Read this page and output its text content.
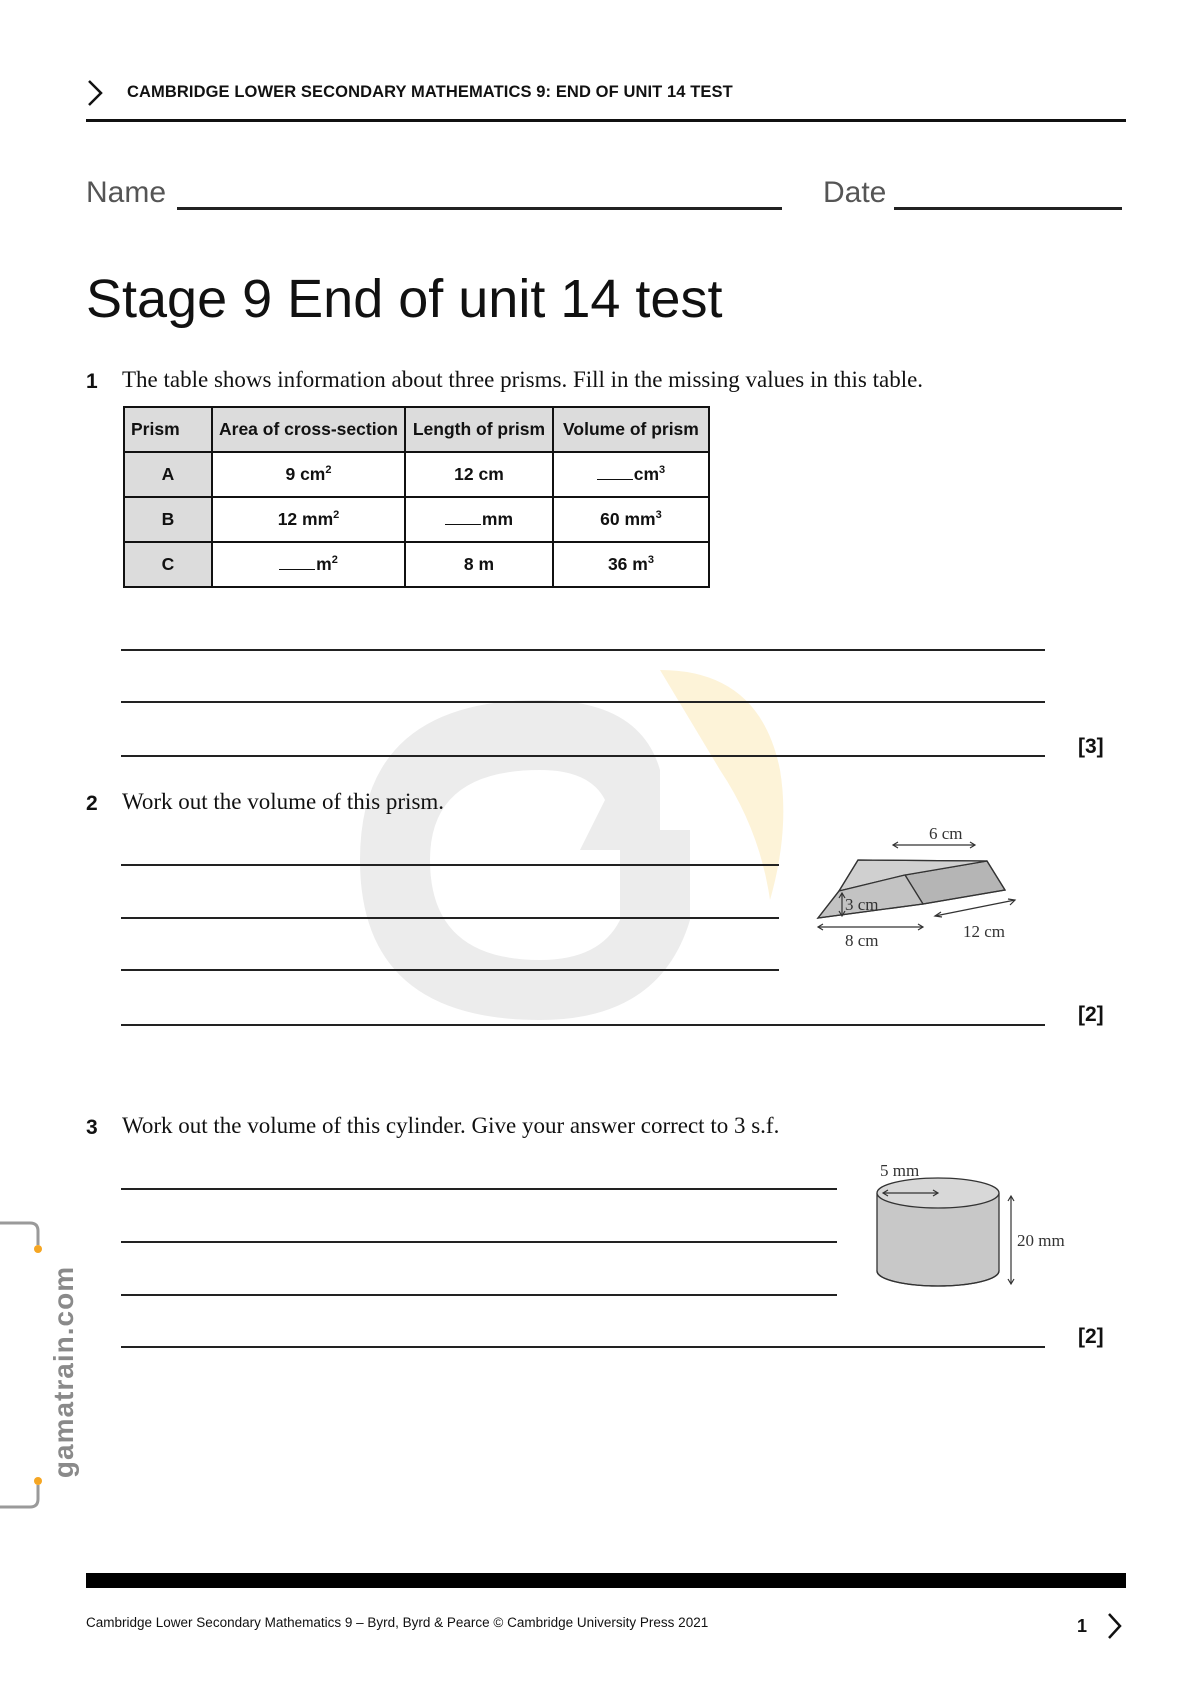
gamatrain.com
CAMBRIDGE LOWER SECONDARY MATHEMATICS 9: END OF UNIT 14 TEST
Name	Date
Stage 9 End of unit 14 test
1 The table shows information about three prisms. Fill in the missing values in this table.
Prism	Area of cross-section	Length of prism	Volume of prism
A	9 $cm^2$	12 cm	$cm^3$
B	12 $mm^2$	mm	60 $mm^3$
C	$m^2$	8 m	36 $m^3$
[3]
2 Work out the volume of this prism.
[2]
6 cm
3 cm
8 cm	12 cm
3 Work out the volume of this cylinder. Give your answer correct to 3 s.f.
[2]
5 mm
20 mm
Cambridge Lower Secondary Mathematics 9 – Byrd, Byrd & Pearce © Cambridge University Press 2021	1
